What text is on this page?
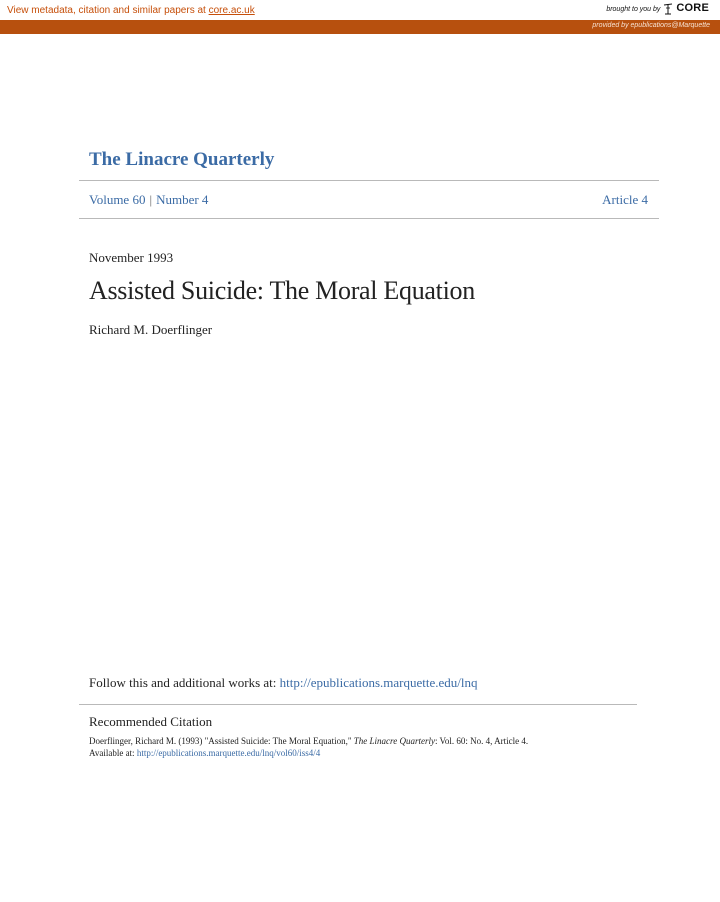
View metadata, citation and similar papers at core.ac.uk	brought to you by CORE
provided by epublications@Marquette
The Linacre Quarterly
Volume 60 | Number 4	Article 4
November 1993
Assisted Suicide: The Moral Equation
Richard M. Doerflinger
Follow this and additional works at: http://epublications.marquette.edu/lnq
Recommended Citation
Doerflinger, Richard M. (1993) "Assisted Suicide: The Moral Equation," The Linacre Quarterly: Vol. 60: No. 4, Article 4.
Available at: http://epublications.marquette.edu/lnq/vol60/iss4/4
